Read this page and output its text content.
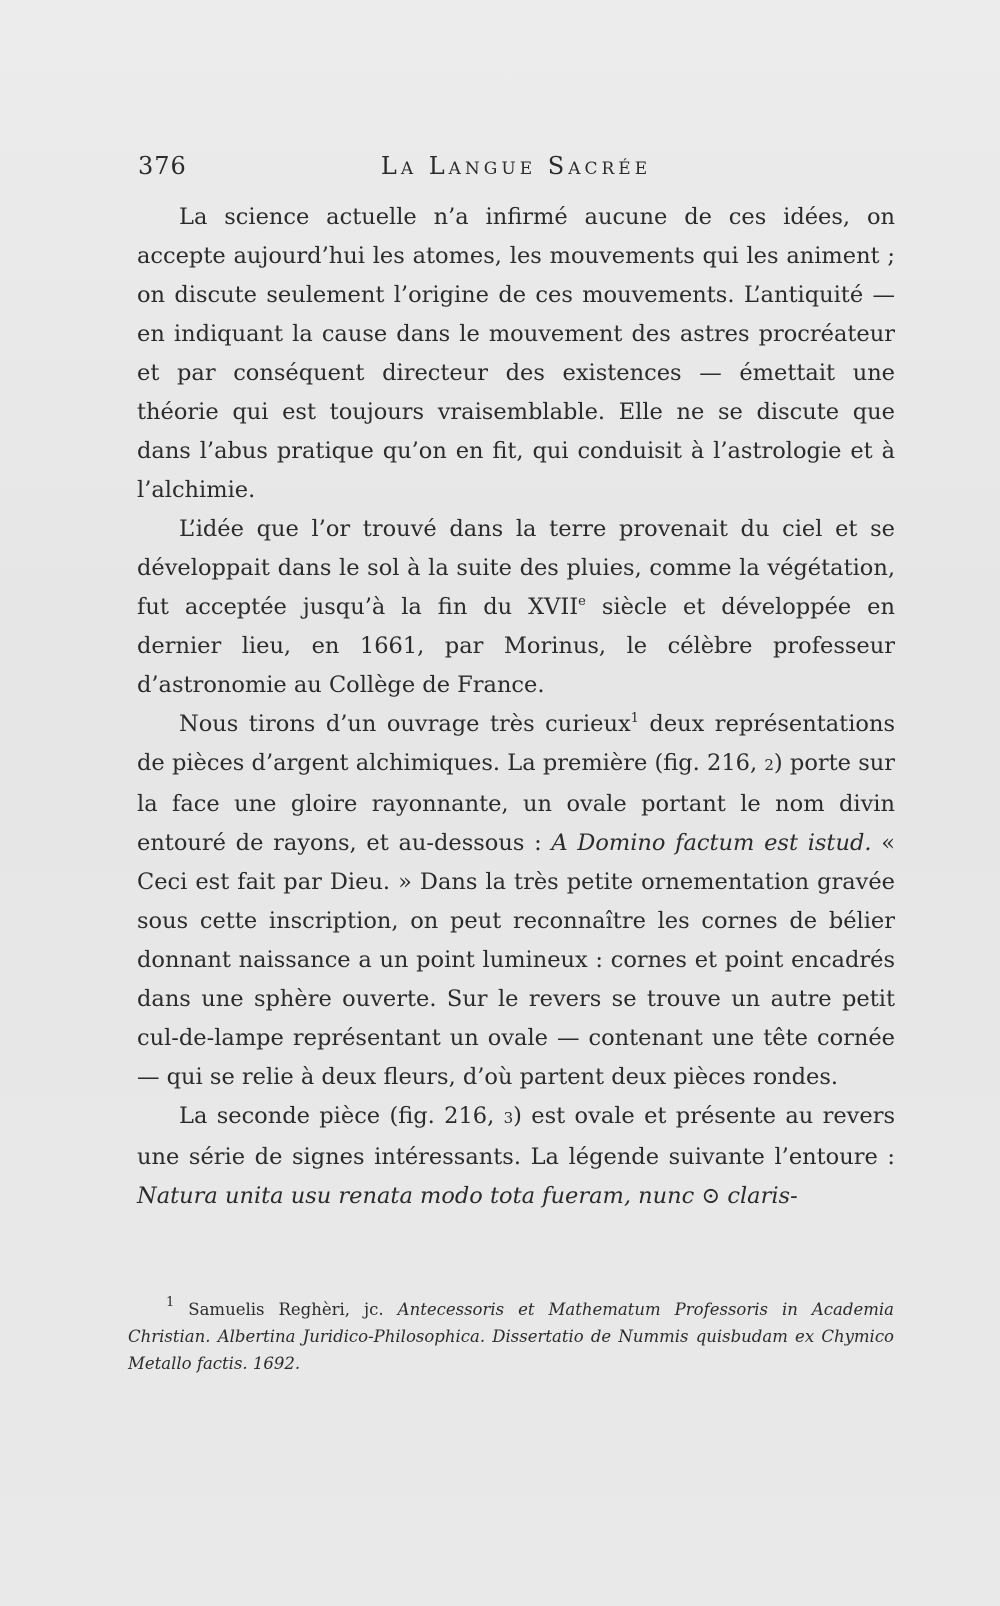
376	La Langue Sacrée

La science actuelle n’a infirmé aucune de ces idées, on accepte aujourd’hui les atomes, les mouvements qui les animent ; on discute seulement l’origine de ces mouvements. L’antiquité — en indiquant la cause dans le mouvement des astres procréateur et par conséquent directeur des existences — émettait une théorie qui est toujours vraisemblable. Elle ne se discute que dans l’abus pratique qu’on en fit, qui conduisit à l’astrologie et à l’alchimie.

L’idée que l’or trouvé dans la terre provenait du ciel et se développait dans le sol à la suite des pluies, comme la végétation, fut acceptée jusqu’à la fin du XVIIe siècle et développée en dernier lieu, en 1661, par Morinus, le célèbre professeur d’astronomie au Collège de France.

Nous tirons d’un ouvrage très curieux$^1$ deux représentations de pièces d’argent alchimiques. La première (fig. 216, 2) porte sur la face une gloire rayonnante, un ovale portant le nom divin entouré de rayons, et au-dessous : A Domino factum est istud. « Ceci est fait par Dieu. » Dans la très petite ornementation gravée sous cette inscription, on peut reconnaître les cornes de bélier donnant naissance a un point lumineux : cornes et point encadrés dans une sphère ouverte. Sur le revers se trouve un autre petit cul-de-lampe représentant un ovale — contenant une tête cornée — qui se relie à deux fleurs, d’où partent deux pièces rondes.

La seconde pièce (fig. 216, 3) est ovale et présente au revers une série de signes intéressants. La légende suivante l’entoure : Natura unita usu renata modo tota fueram, nunc ⊙ claris-

$^1$ Samuelis Reghèri, jc. Antecessoris et Mathematum Professoris in Academia Christian. Albertina Juridico-Philosophica. Dissertatio de Nummis quisbudam ex Chymico Metallo factis. 1692.
